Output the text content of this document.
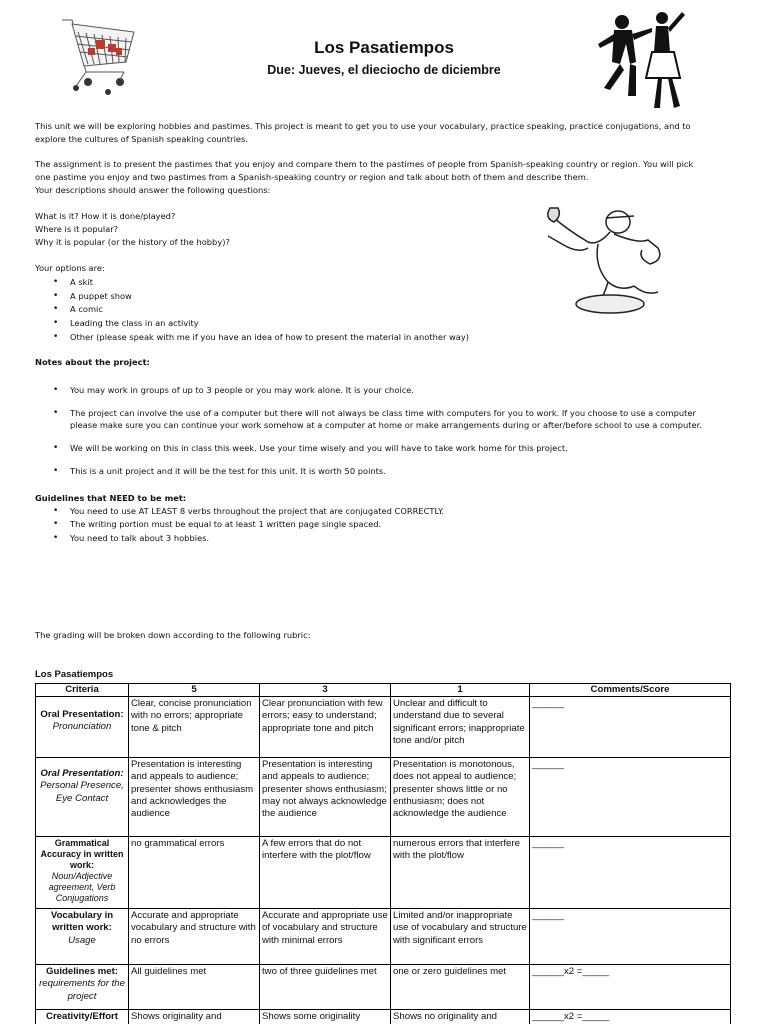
Los Pasatiempos
Due: Jueves, el dieciocho de diciembre
This unit we will be exploring hobbies and pastimes. This project is meant to get you to use your vocabulary, practice speaking, practice conjugations, and to
explore the cultures of Spanish speaking countries.
The assignment is to present the pastimes that you enjoy and compare them to the pastimes of people from Spanish-speaking country or region. You will pick
one pastime you enjoy and two pastimes from a Spanish-speaking country or region and talk about both of them and describe them.
Your descriptions should answer the following questions:
What is it? How it is done/played?
Where is it popular?
Why it is popular (or the history of the hobby)?
Your options are:
• A skit
• A puppet show
• A comic
• Leading the class in an activity
• Other (please speak with me if you have an idea of how to present the material in another way)
Notes about the project:
• You may work in groups of up to 3 people or you may work alone. It is your choice.
• The project can involve the use of a computer but there will not always be class time with computers for you to work. If you choose to use a computer
please make sure you can continue your work somehow at a computer at home or make arrangements during or after/before school to use a computer.
• We will be working on this in class this week. Use your time wisely and you will have to take work home for this project.
• This is a unit project and it will be the test for this unit. It is worth 50 points.
Guidelines that NEED to be met:
• You need to use AT LEAST 8 verbs throughout the project that are conjugated CORRECTLY.
• The writing portion must be equal to at least 1 written page single spaced.
• You need to talk about 3 hobbies.
The grading will be broken down according to the following rubric:
Los Pasatiempos
Criteria	5	3	1	Comments/Score

Oral Presentation:
Pronunciation	Clear, concise pronunciation with no errors; appropriate tone & pitch	Clear pronunciation with few errors; easy to understand; appropriate tone and pitch	Unclear and difficult to understand due to several significant errors; inappropriate tone and/or pitch	______

Oral Presentation:
Personal Presence, Eye Contact	Presentation is interesting and appeals to audience; presenter shows enthusiasm and acknowledges the audience	Presentation is interesting and appeals to audience; presenter shows enthusiasm; may not always acknowledge the audience	Presentation is monotonous, does not appeal to audience; presenter shows little or no enthusiasm; does not acknowledge the audience	______

Grammatical Accuracy in written work:
Noun/Adjective agreement, Verb Conjugations	no grammatical errors	A few errors that do not interfere with the plot/flow	numerous errors that interfere with the plot/flow	______

Vocabulary in written work:
Usage	Accurate and appropriate vocabulary and structure with no errors	Accurate and appropriate use of vocabulary and structure with minimal errors	Limited and/or inappropriate use of vocabulary and structure with significant errors	______

Guidelines met:
requirements for the project	All guidelines met	two of three guidelines met	one or zero guidelines met	______x2 =_____

Creativity/Effort	Shows originality and	Shows some originality	Shows no originality and	______x2 =_____
